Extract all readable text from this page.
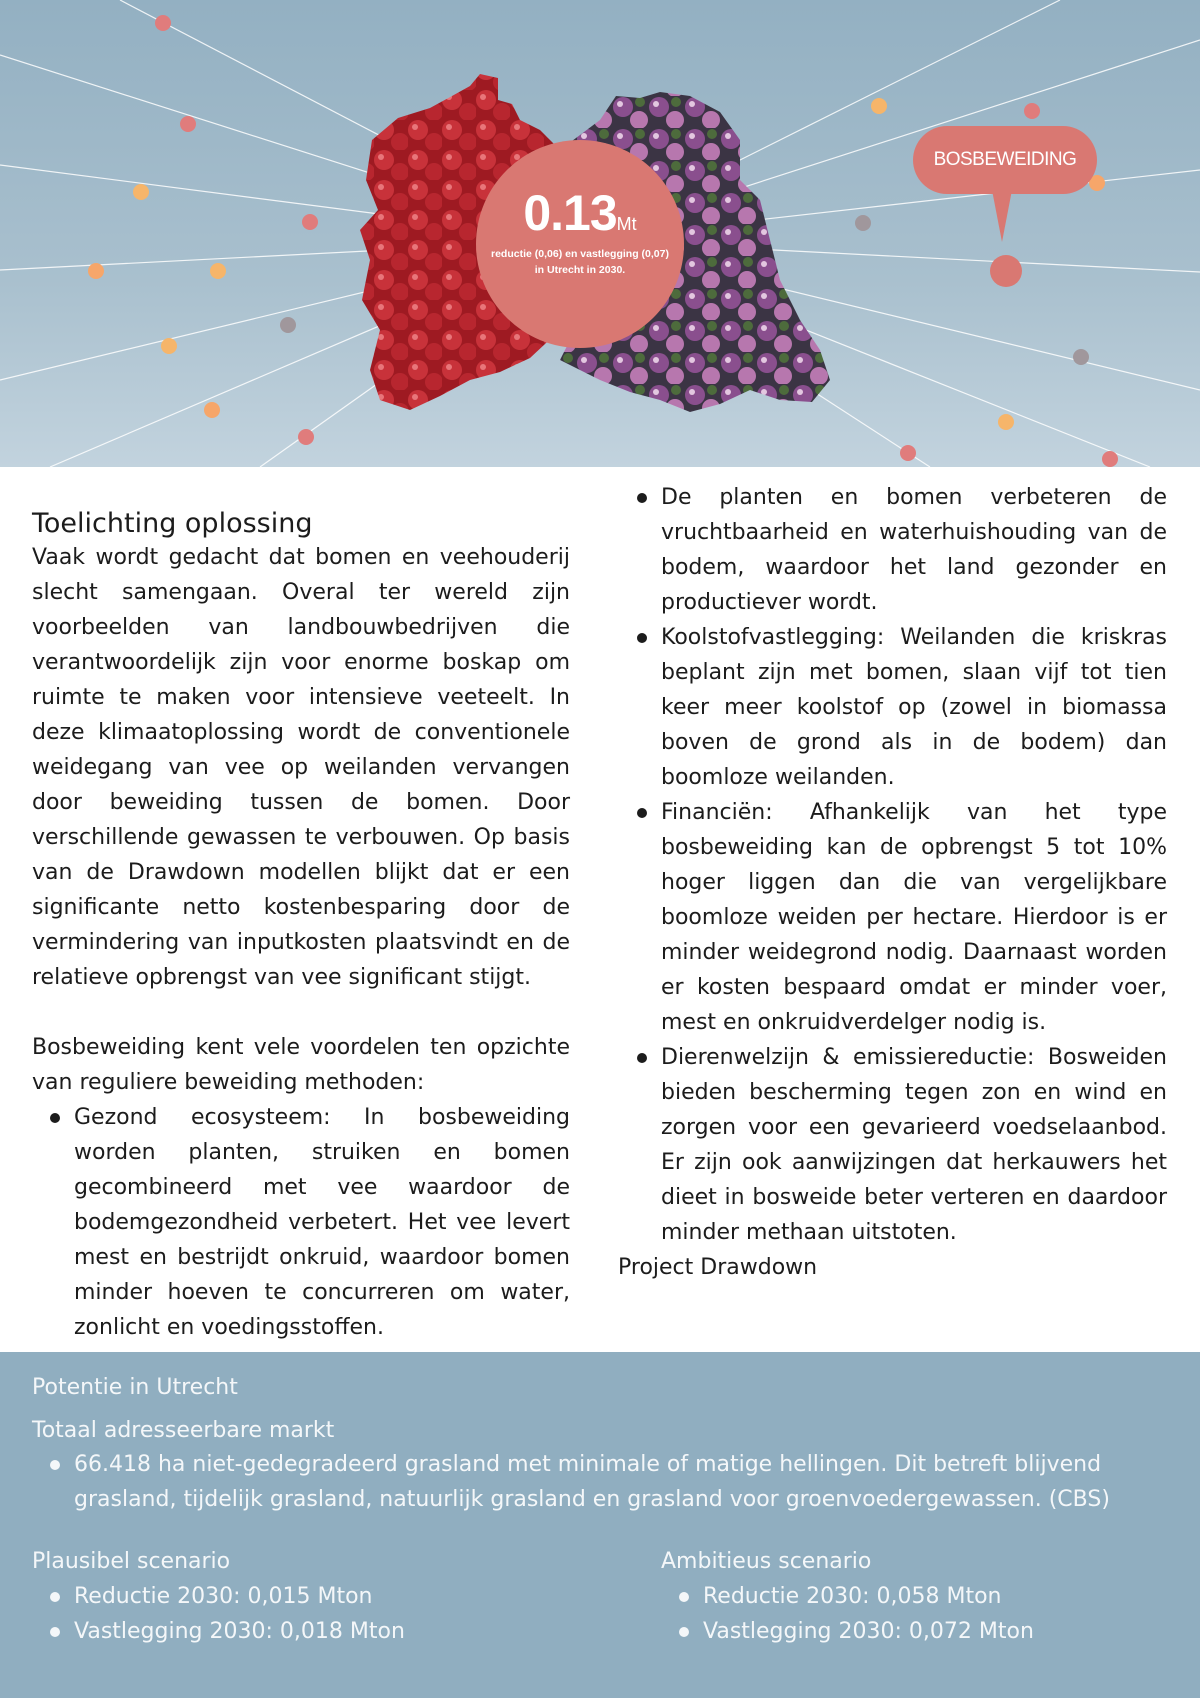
0.13Mt
reductie (0,06) en vastlegging (0,07) in Utrecht in 2030.
BOSBEWEIDING
Toelichting oplossing

Vaak wordt gedacht dat bomen en veehouderij slecht samengaan. Overal ter wereld zijn voorbeelden van landbouwbedrijven die verantwoordelijk zijn voor enorme boskap om ruimte te maken voor intensieve veeteelt. In deze klimaatoplossing wordt de conventionele weidegang van vee op weilanden vervangen door beweiding tussen de bomen. Door verschillende gewassen te verbouwen. Op basis van de Drawdown modellen blijkt dat er een significante netto kostenbesparing door de vermindering van inputkosten plaatsvindt en de relatieve opbrengst van vee significant stijgt.

Bosbeweiding kent vele voordelen ten opzichte van reguliere beweiding methoden:

Gezond ecosysteem: In bosbeweiding worden planten, struiken en bomen gecombineerd met vee waardoor de bodemgezondheid verbetert. Het vee levert mest en bestrijdt onkruid, waardoor bomen minder hoeven te concurreren om water, zonlicht en voedingsstoffen.
De planten en bomen verbeteren de vruchtbaarheid en waterhuishouding van de bodem, waardoor het land gezonder en productiever wordt.
Koolstofvastlegging: Weilanden die kriskras beplant zijn met bomen, slaan vijf tot tien keer meer koolstof op (zowel in biomassa boven de grond als in de bodem) dan boomloze weilanden.
Financiën: Afhankelijk van het type bosbeweiding kan de opbrengst 5 tot 10% hoger liggen dan die van vergelijkbare boomloze weiden per hectare. Hierdoor is er minder weidegrond nodig. Daarnaast worden er kosten bespaard omdat er minder voer, mest en onkruidverdelger nodig is.
Dierenwelzijn & emissiereductie: Bosweiden bieden bescherming tegen zon en wind en zorgen voor een gevarieerd voedselaanbod. Er zijn ook aanwijzingen dat herkauwers het dieet in bosweide beter verteren en daardoor minder methaan uitstoten.

Project Drawdown

Potentie in Utrecht
Totaal adresseerbare markt
66.418 ha niet-gedegradeerd grasland met minimale of matige hellingen. Dit betreft blijvend grasland, tijdelijk grasland, natuurlijk grasland en grasland voor groenvoedergewassen. (CBS)
Plausibel scenario
Reductie 2030: 0,015 Mton
Vastlegging 2030: 0,018 Mton
Ambitieus scenario
Reductie 2030: 0,058 Mton
Vastlegging 2030: 0,072 Mton
